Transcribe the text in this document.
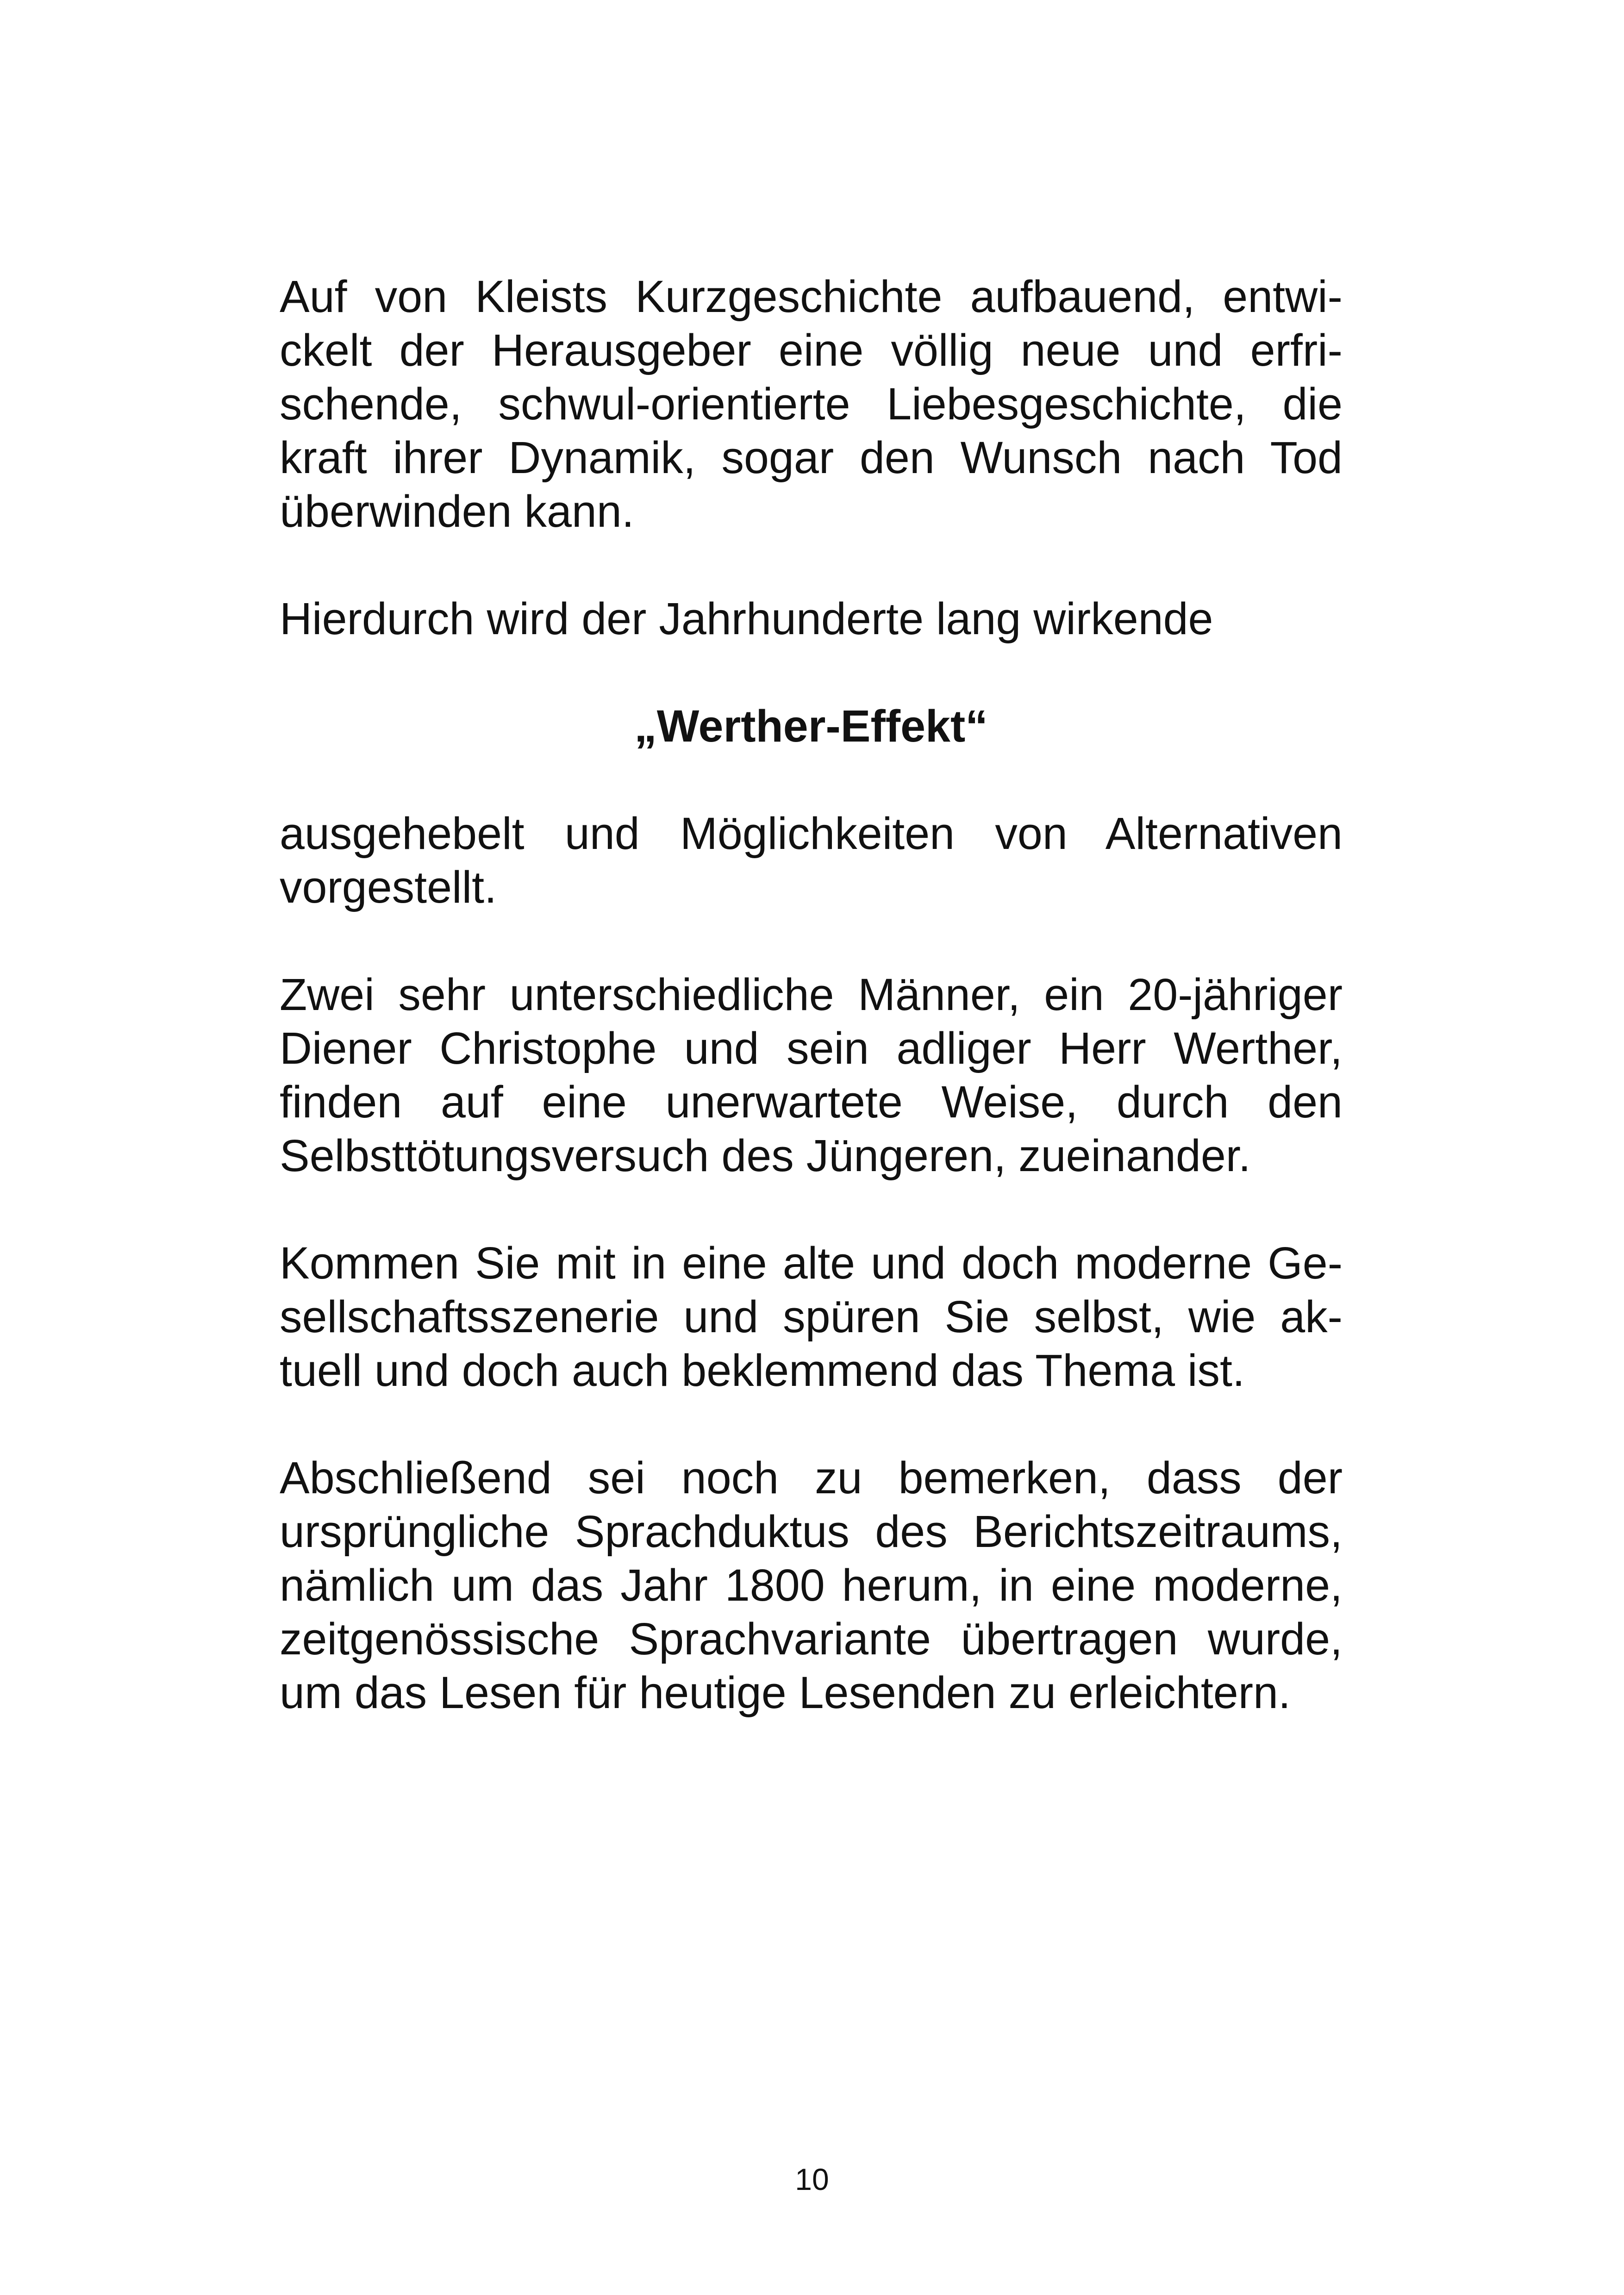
Auf von Kleists Kurzgeschichte aufbauend, entwi-
ckelt der Herausgeber eine völlig neue und erfri-
schende, schwul-orientierte Liebesgeschichte, die
kraft ihrer Dynamik, sogar den Wunsch nach Tod
überwinden kann.

Hierdurch wird der Jahrhunderte lang wirkende

„Werther-Effekt“

ausgehebelt und Möglichkeiten von Alternativen
vorgestellt.

Zwei sehr unterschiedliche Männer, ein 20-jähriger
Diener Christophe und sein adliger Herr Werther,
finden auf eine unerwartete Weise, durch den
Selbsttötungsversuch des Jüngeren, zueinander.

Kommen Sie mit in eine alte und doch moderne Ge-
sellschaftsszenerie und spüren Sie selbst, wie ak-
tuell und doch auch beklemmend das Thema ist.

Abschließend sei noch zu bemerken, dass der
ursprüngliche Sprachduktus des Berichtszeitraums,
nämlich um das Jahr 1800 herum, in eine moderne,
zeitgenössische Sprachvariante übertragen wurde,
um das Lesen für heutige Lesenden zu erleichtern.

10
